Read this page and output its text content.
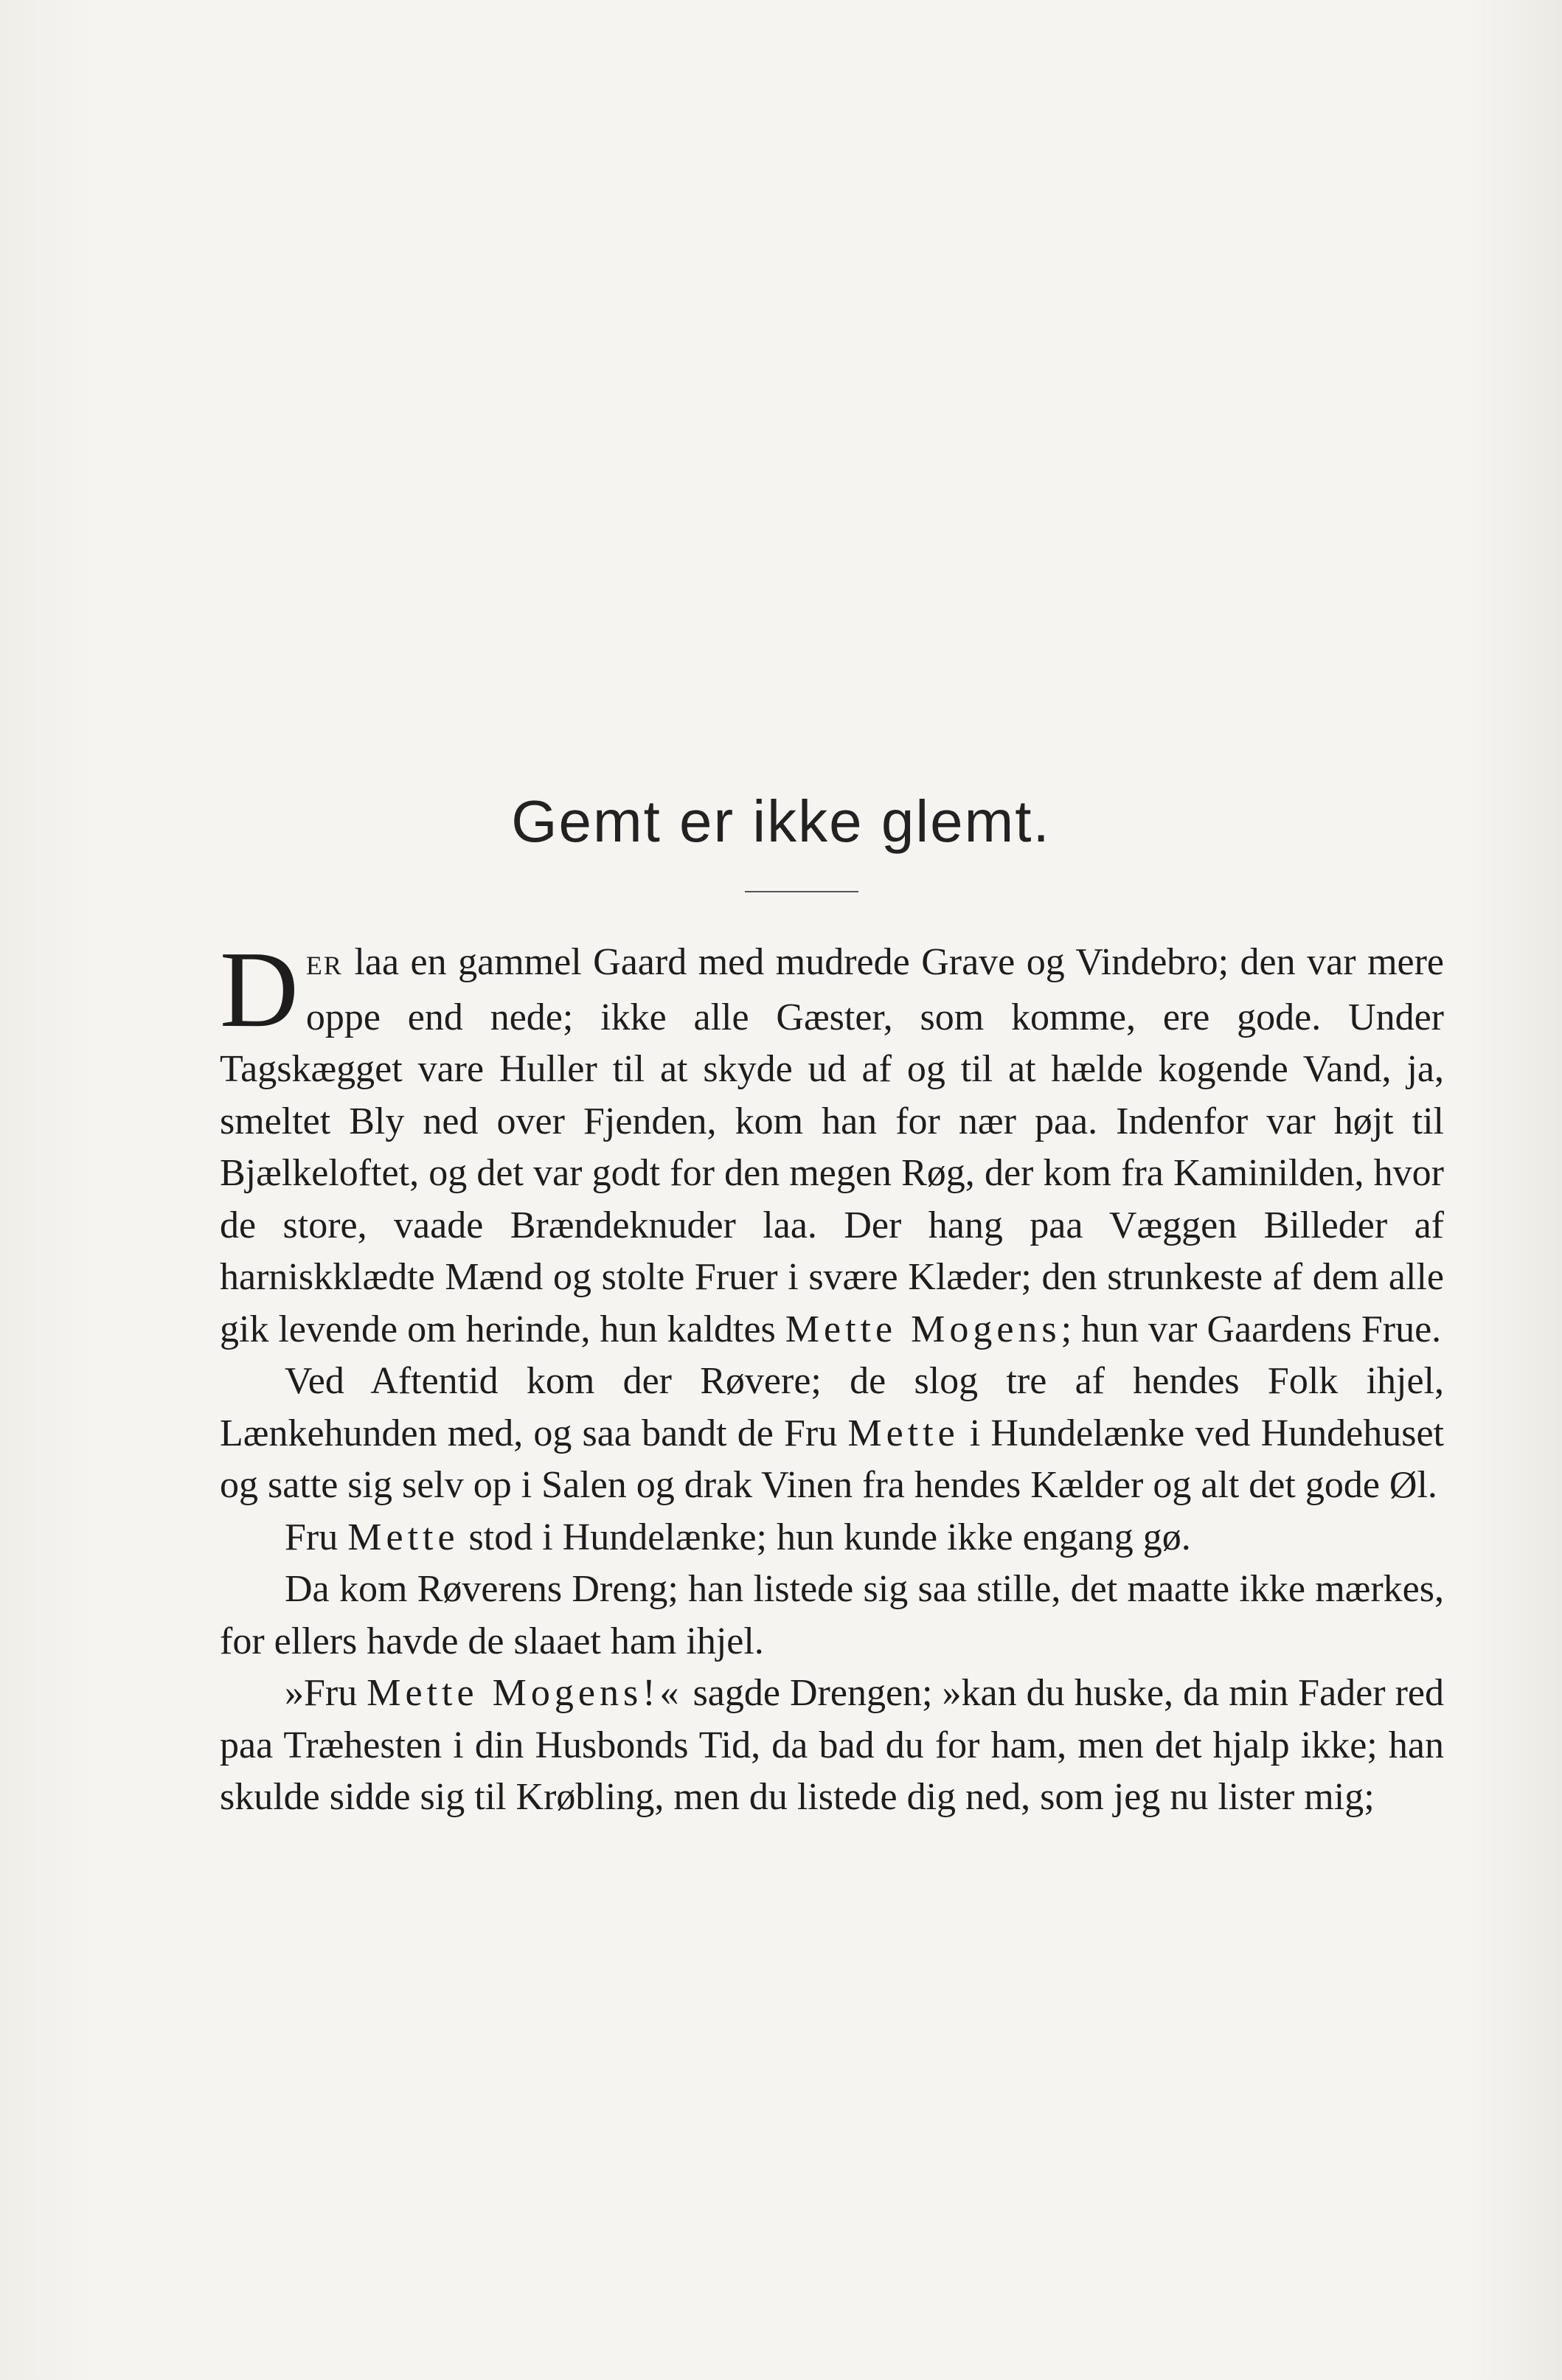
Gemt er ikke glemt.

DER laa en gammel Gaard med mudrede Grave og Vindebro; den var mere oppe end nede; ikke alle Gæster, som komme, ere gode. Under Tagskægget vare Huller til at skyde ud af og til at hælde kogende Vand, ja, smeltet Bly ned over Fjenden, kom han for nær paa. Indenfor var højt til Bjælkeloftet, og det var godt for den megen Røg, der kom fra Kaminilden, hvor de store, vaade Brændeknuder laa. Der hang paa Væggen Billeder af harniskklædte Mænd og stolte Fruer i svære Klæder; den strunkeste af dem alle gik levende om herinde, hun kaldtes Mette Mogens; hun var Gaardens Frue.

Ved Aftentid kom der Røvere; de slog tre af hendes Folk ihjel, Lænkehunden med, og saa bandt de Fru Mette i Hundelænke ved Hundehuset og satte sig selv op i Salen og drak Vinen fra hendes Kælder og alt det gode Øl.

Fru Mette stod i Hundelænke; hun kunde ikke engang gø.

Da kom Røverens Dreng; han listede sig saa stille, det maatte ikke mærkes, for ellers havde de slaaet ham ihjel.

»Fru Mette Mogens!« sagde Drengen; »kan du huske, da min Fader red paa Træhesten i din Husbonds Tid, da bad du for ham, men det hjalp ikke; han skulde sidde sig til Krøbling, men du listede dig ned, som jeg nu lister mig;
